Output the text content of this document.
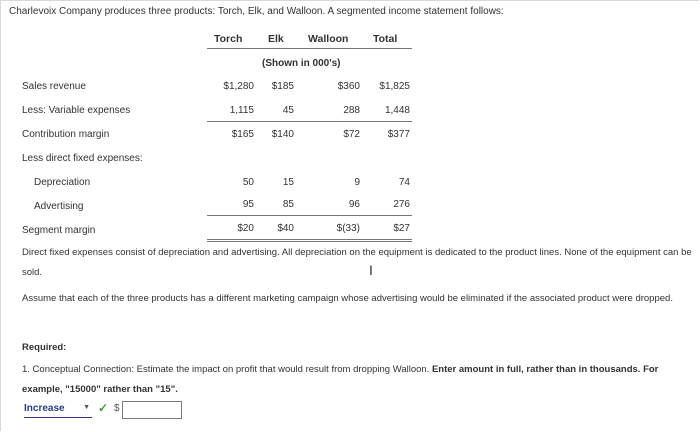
Charlevoix Company produces three products: Torch, Elk, and Walloon. A segmented income statement follows:
Torch Elk Walloon Total
(Shown in 000's)
Sales revenue	$1,280	$185	$360	$1,825
Less: Variable expenses	1,115	45	288	1,448
Contribution margin	$165	$140	$72	$377
Less direct fixed expenses:
Depreciation	50	15	9	74
Advertising	95	85	96	276
Segment margin	$20	$40	$(33)	$27
Direct fixed expenses consist of depreciation and advertising. All depreciation on the equipment is dedicated to the product lines. None of the equipment can be sold.	I
Assume that each of the three products has a different marketing campaign whose advertising would be eliminated if the associated product were dropped.
Required:
1. Conceptual Connection: Estimate the impact on profit that would result from dropping Walloon. Enter amount in full, rather than in thousands. For example, "15000" rather than "15".
Increase	▼ ✓ $
